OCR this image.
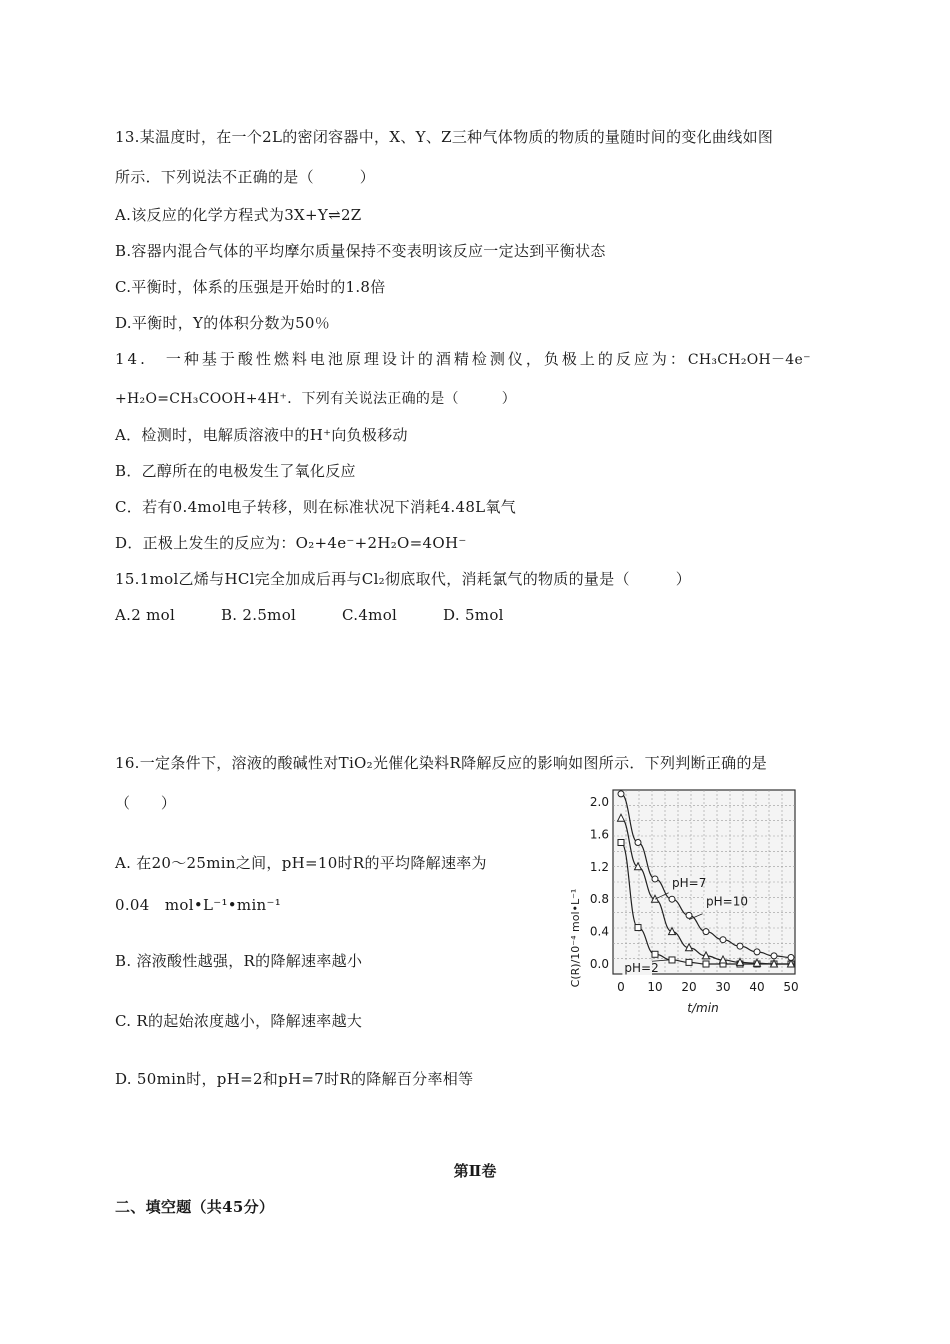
13.某温度时，在一个2L的密闭容器中，X、Y、Z三种气体物质的物质的量随时间的变化曲线如图
所示．下列说法不正确的是（　　　）
A.该反应的化学方程式为3X+Y⇌2Z
B.容器内混合气体的平均摩尔质量保持不变表明该反应一定达到平衡状态
C.平衡时，体系的压强是开始时的1.8倍
D.平衡时，Y的体积分数为50％
14.　一种基于酸性燃料电池原理设计的酒精检测仪，负极上的反应为：CH₃CH₂OH－4e⁻
+H₂O=CH₃COOH+4H⁺．下列有关说法正确的是（　　　）
A．检测时，电解质溶液中的H⁺向负极移动
B．乙醇所在的电极发生了氧化反应
C．若有0.4mol电子转移，则在标准状况下消耗4.48L氧气
D．正极上发生的反应为：O₂+4e⁻+2H₂O=4OH⁻
15.1mol乙烯与HCl完全加成后再与Cl₂彻底取代，消耗氯气的物质的量是（　　　）
A.2 mol　　　B. 2.5mol　　　C.4mol　　　D. 5mol
16.一定条件下，溶液的酸碱性对TiO₂光催化染料R降解反应的影响如图所示．下列判断正确的是
（　　）
A. 在20～25min之间，pH=10时R的平均降解速率为
0.04　mol•L⁻¹•min⁻¹
B. 溶液酸性越强，R的降解速率越小
C. R的起始浓度越小，降解速率越大
D. 50min时，pH=2和pH=7时R的降解百分率相等
pH=2
pH=7
pH=10
0 10 20 30 40 50
0.0
0.4
0.8
1.2
1.6
2.0
C(R)/10⁻⁴ mol•L⁻¹
t/min
第Ⅱ卷
二、填空题（共45分）
